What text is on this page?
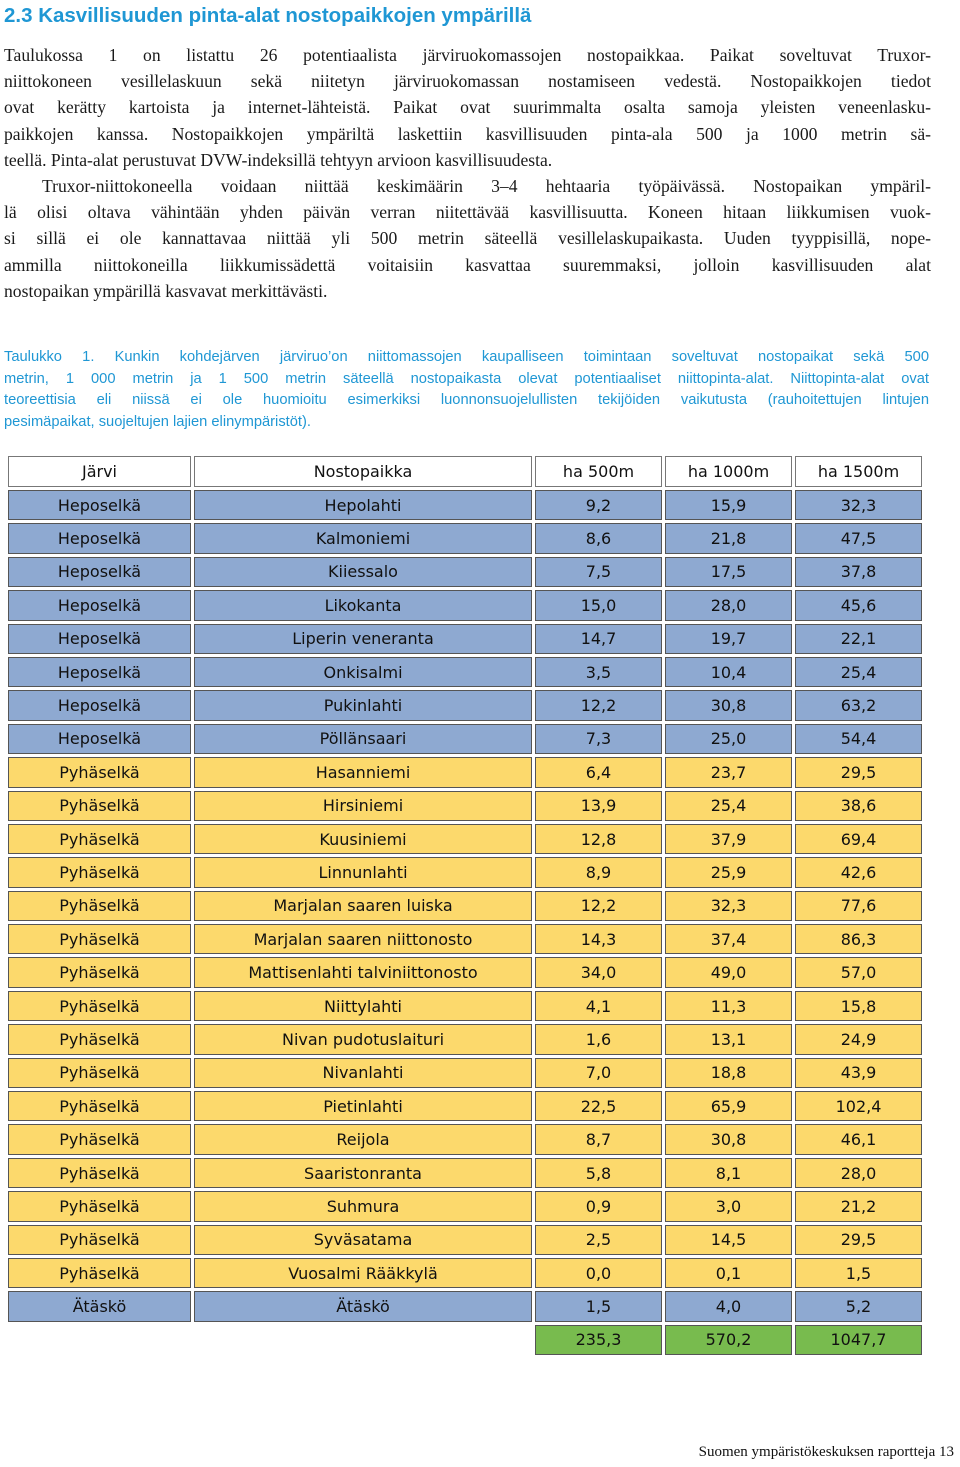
2.3 Kasvillisuuden pinta-alat nostopaikkojen ympärillä
Taulukossa 1 on listattu 26 potentiaalista järviruokomassojen nostopaikkaa. Paikat soveltuvat Truxor-
niittokoneen vesillelaskuun sekä niitetyn järviruokomassan nostamiseen vedestä. Nostopaikkojen tiedot
ovat kerätty kartoista ja internet-lähteistä. Paikat ovat suurimmalta osalta samoja yleisten veneenlasku-
paikkojen kanssa. Nostopaikkojen ympäriltä laskettiin kasvillisuuden pinta-ala 500 ja 1000 metrin sä-
teellä. Pinta-alat perustuvat DVW-indeksillä tehtyyn arvioon kasvillisuudesta.
Truxor-niittokoneella voidaan niittää keskimäärin 3–4 hehtaaria työpäivässä. Nostopaikan ympäril-
lä olisi oltava vähintään yhden päivän verran niitettävää kasvillisuutta. Koneen hitaan liikkumisen vuok-
si sillä ei ole kannattavaa niittää yli 500 metrin säteellä vesillelaskupaikasta. Uuden tyyppisillä, nope-
ammilla niittokoneilla liikkumissädettä voitaisiin kasvattaa suuremmaksi, jolloin kasvillisuuden alat
nostopaikan ympärillä kasvavat merkittävästi.
Taulukko 1. Kunkin kohdejärven järviruo’on niittomassojen kaupalliseen toimintaan soveltuvat nostopaikat sekä 500
metrin, 1 000 metrin ja 1 500 metrin säteellä nostopaikasta olevat potentiaaliset niittopinta-alat. Niittopinta-alat ovat
teoreettisia eli niissä ei ole huomioitu esimerkiksi luonnonsuojelullisten tekijöiden vaikutusta (rauhoitettujen lintujen
pesimäpaikat, suojeltujen lajien elinympäristöt).
Järvi	Nostopaikka	ha 500m	ha 1000m	ha 1500m
Heposelkä	Hepolahti	9,2	15,9	32,3
Heposelkä	Kalmoniemi	8,6	21,8	47,5
Heposelkä	Kiiessalo	7,5	17,5	37,8
Heposelkä	Likokanta	15,0	28,0	45,6
Heposelkä	Liperin veneranta	14,7	19,7	22,1
Heposelkä	Onkisalmi	3,5	10,4	25,4
Heposelkä	Pukinlahti	12,2	30,8	63,2
Heposelkä	Pöllänsaari	7,3	25,0	54,4
Pyhäselkä	Hasanniemi	6,4	23,7	29,5
Pyhäselkä	Hirsiniemi	13,9	25,4	38,6
Pyhäselkä	Kuusiniemi	12,8	37,9	69,4
Pyhäselkä	Linnunlahti	8,9	25,9	42,6
Pyhäselkä	Marjalan saaren luiska	12,2	32,3	77,6
Pyhäselkä	Marjalan saaren niittonosto	14,3	37,4	86,3
Pyhäselkä	Mattisenlahti talviniittonosto	34,0	49,0	57,0
Pyhäselkä	Niittylahti	4,1	11,3	15,8
Pyhäselkä	Nivan pudotuslaituri	1,6	13,1	24,9
Pyhäselkä	Nivanlahti	7,0	18,8	43,9
Pyhäselkä	Pietinlahti	22,5	65,9	102,4
Pyhäselkä	Reijola	8,7	30,8	46,1
Pyhäselkä	Saaristonranta	5,8	8,1	28,0
Pyhäselkä	Suhmura	0,9	3,0	21,2
Pyhäselkä	Syväsatama	2,5	14,5	29,5
Pyhäselkä	Vuosalmi Rääkkylä	0,0	0,1	1,5
Ätäskö	Ätäskö	1,5	4,0	5,2
		235,3	570,2	1047,7
Suomen ympäristökeskuksen raportteja 13
